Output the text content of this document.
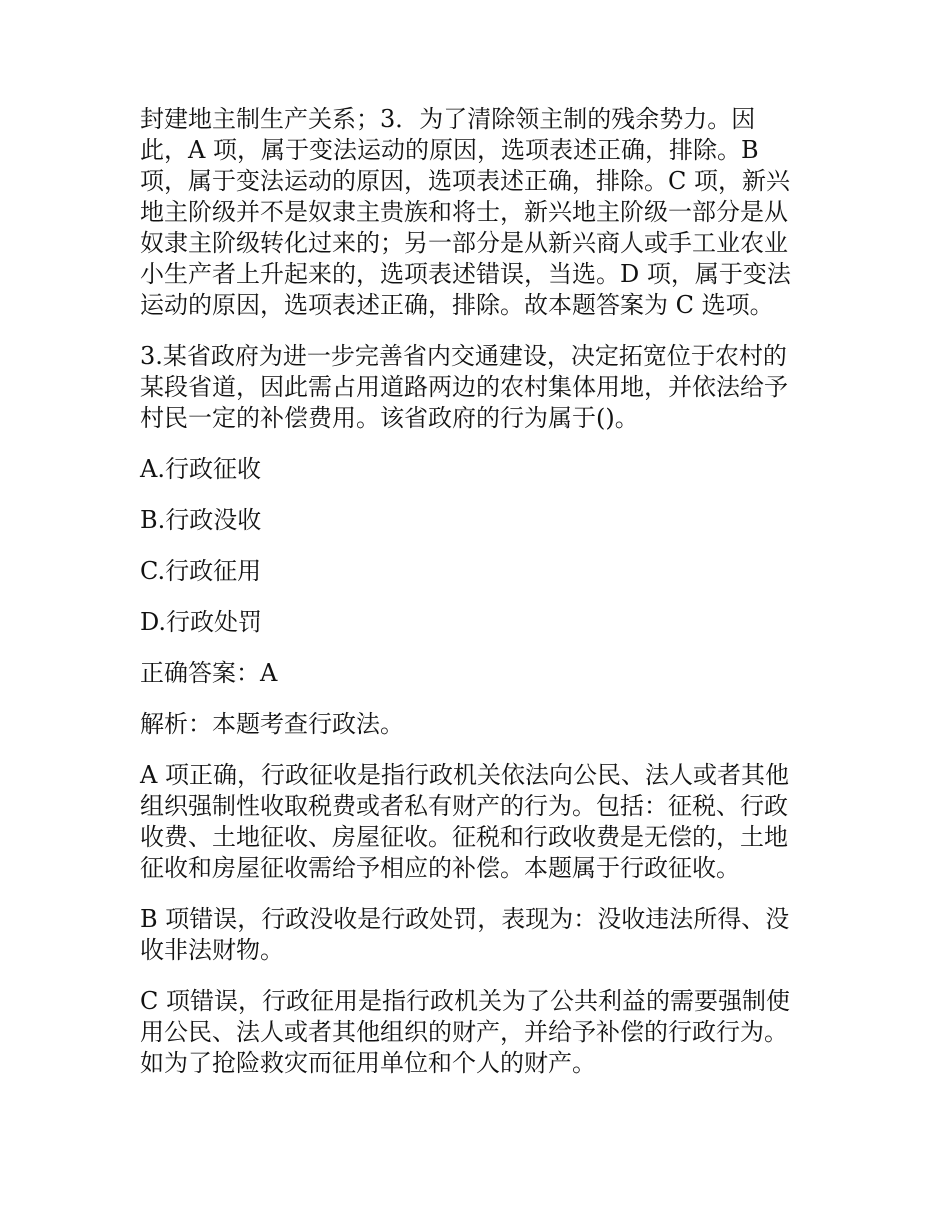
封建地主制生产关系；3．为了清除领主制的残余势力。因
此，A 项，属于变法运动的原因，选项表述正确，排除。B
项，属于变法运动的原因，选项表述正确，排除。C 项，新兴
地主阶级并不是奴隶主贵族和将士，新兴地主阶级一部分是从
奴隶主阶级转化过来的；另一部分是从新兴商人或手工业农业
小生产者上升起来的，选项表述错误，当选。D 项，属于变法
运动的原因，选项表述正确，排除。故本题答案为 C 选项。

3.某省政府为进一步完善省内交通建设，决定拓宽位于农村的
某段省道，因此需占用道路两边的农村集体用地，并依法给予
村民一定的补偿费用。该省政府的行为属于()。

A.行政征收

B.行政没收

C.行政征用

D.行政处罚

正确答案：A

解析：本题考查行政法。

A 项正确，行政征收是指行政机关依法向公民、法人或者其他
组织强制性收取税费或者私有财产的行为。包括：征税、行政
收费、土地征收、房屋征收。征税和行政收费是无偿的，土地
征收和房屋征收需给予相应的补偿。本题属于行政征收。

B 项错误，行政没收是行政处罚，表现为：没收违法所得、没
收非法财物。

C 项错误，行政征用是指行政机关为了公共利益的需要强制使
用公民、法人或者其他组织的财产，并给予补偿的行政行为。
如为了抢险救灾而征用单位和个人的财产。
